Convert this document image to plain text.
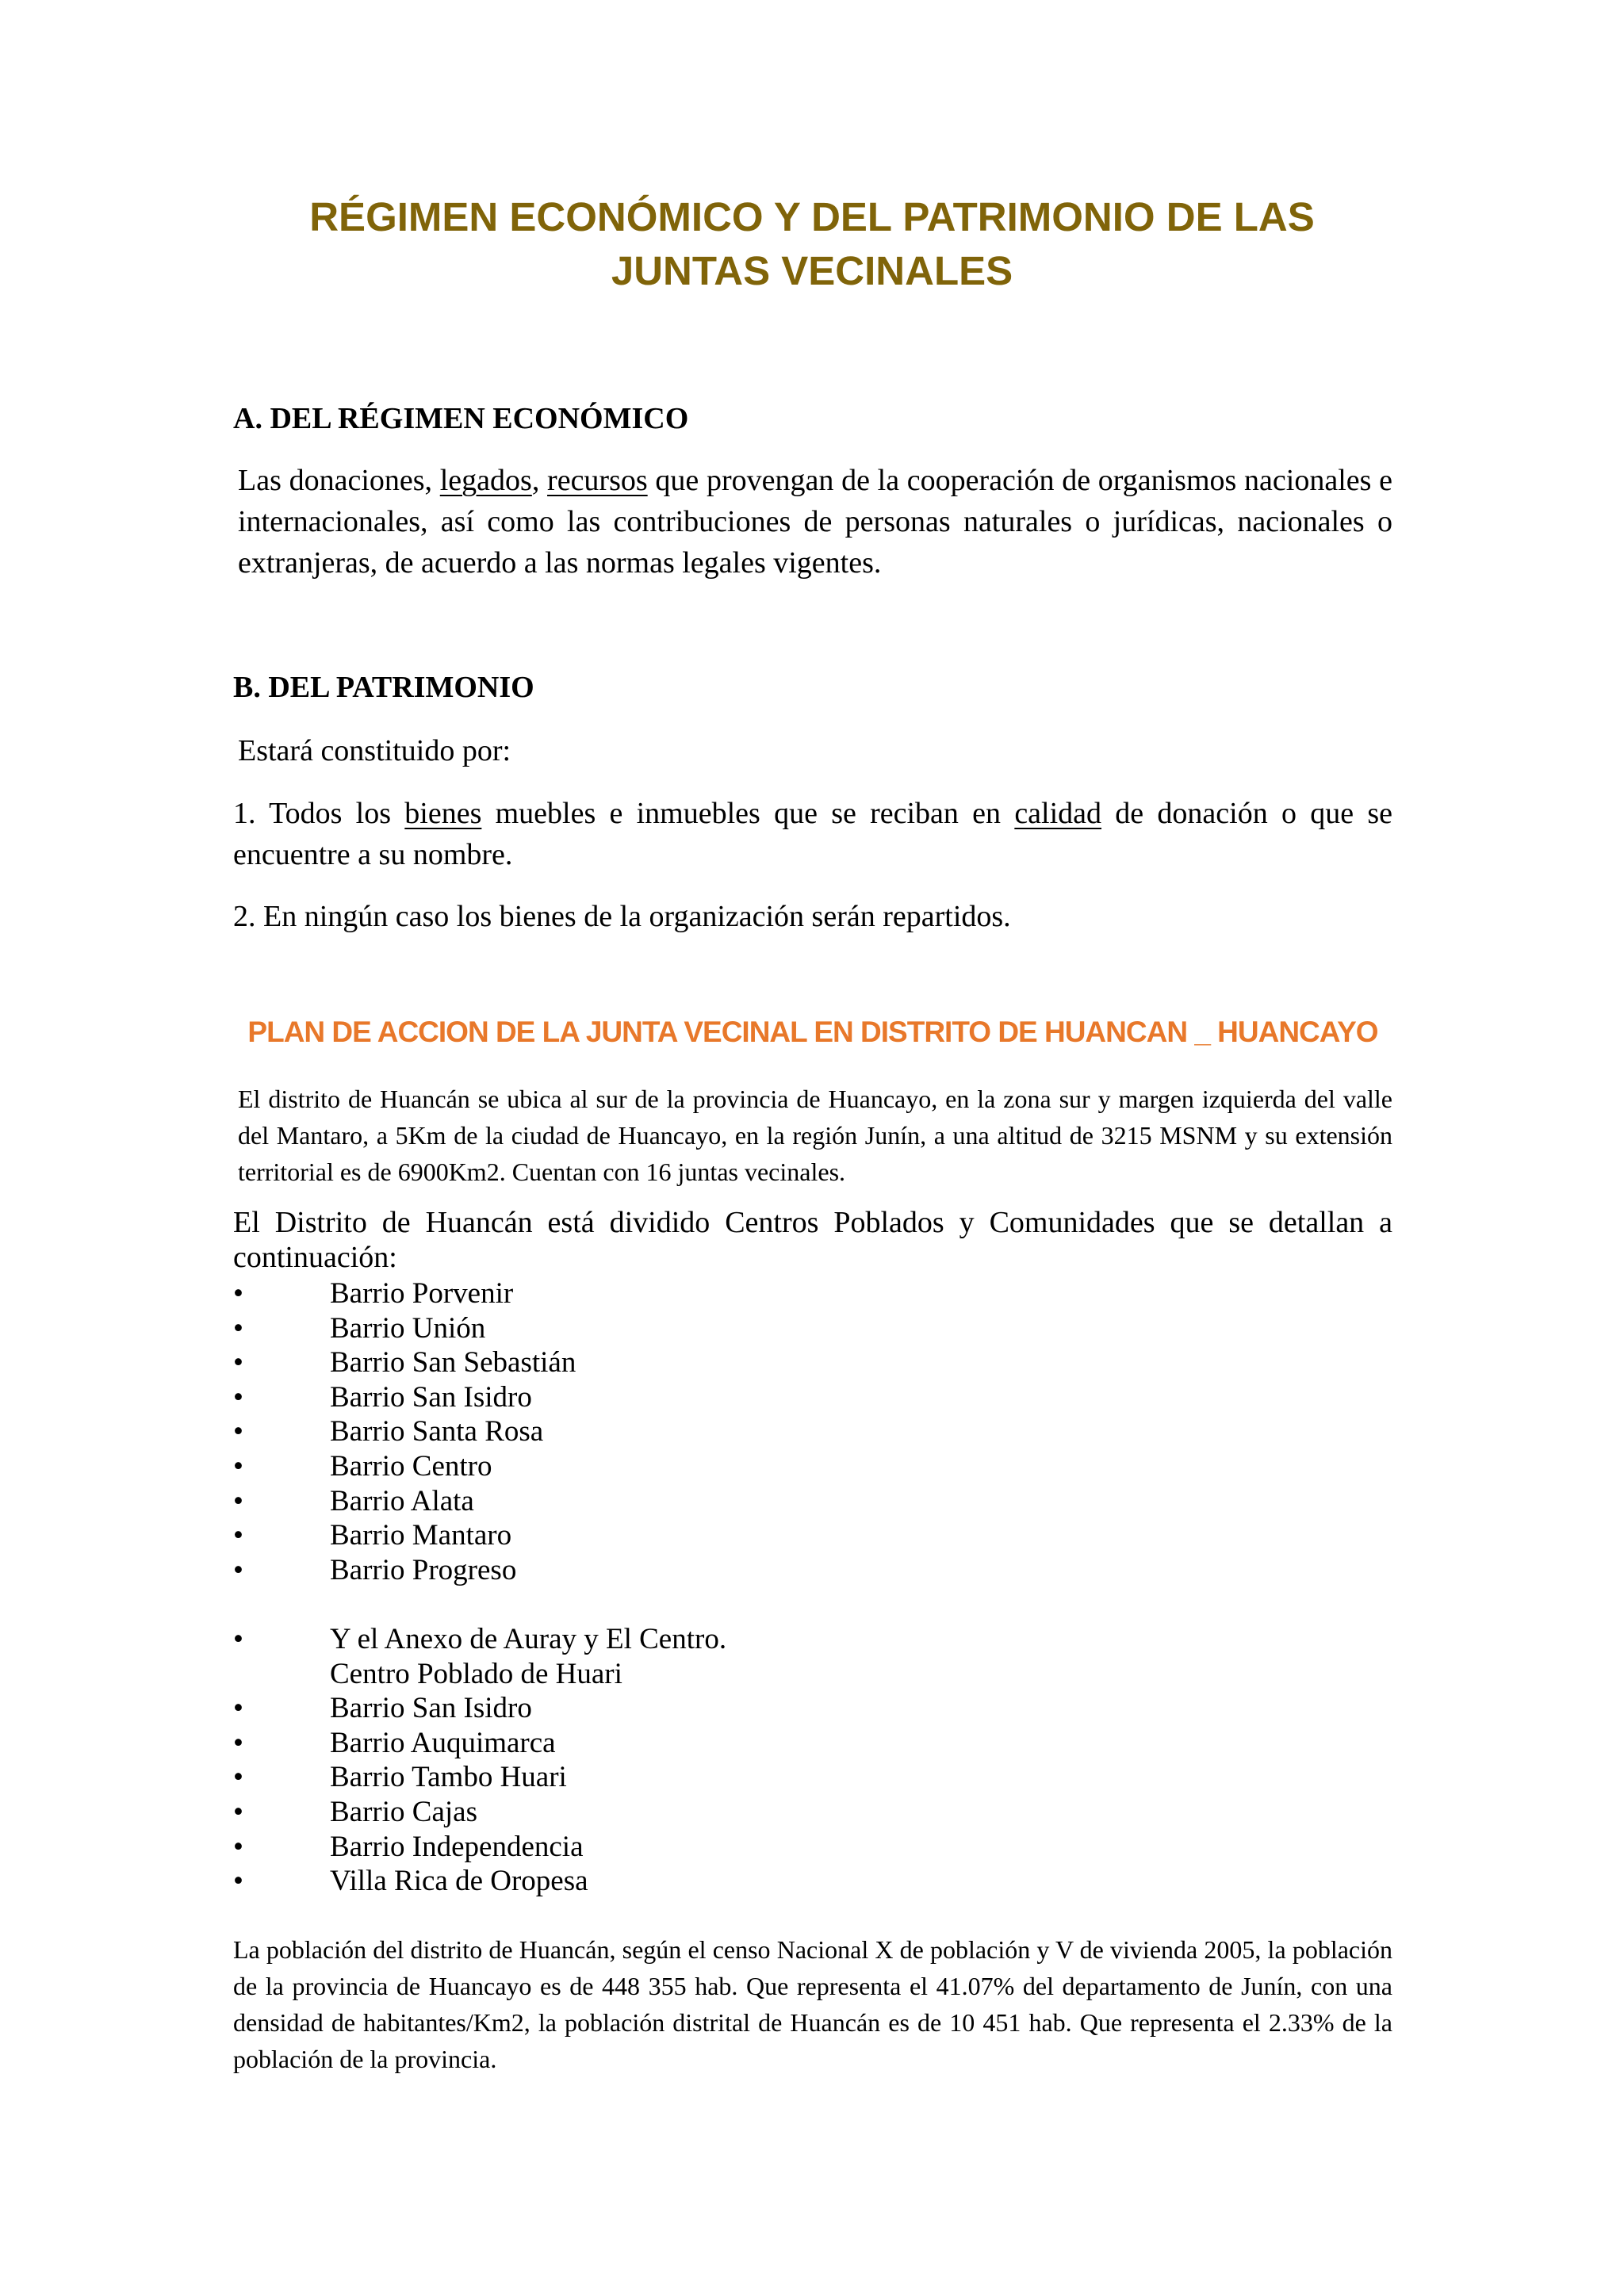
RÉGIMEN ECONÓMICO Y DEL PATRIMONIO DE LAS
JUNTAS VECINALES
A. DEL RÉGIMEN ECONÓMICO

Las donaciones, legados, recursos que provengan de la cooperación de organismos nacionales e internacionales, así como las contribuciones de personas naturales o jurídicas, nacionales o extranjeras, de acuerdo a las normas legales vigentes.

B. DEL PATRIMONIO

Estará constituido por:

1. Todos los bienes muebles e inmuebles que se reciban en calidad de donación o que se encuentre a su nombre.

2. En ningún caso los bienes de la organización serán repartidos.

PLAN DE ACCION DE LA JUNTA VECINAL EN DISTRITO DE HUANCAN _ HUANCAYO

El distrito de Huancán se ubica al sur de la provincia de Huancayo, en la zona sur y margen izquierda del valle del Mantaro, a 5Km de la ciudad de Huancayo, en la región Junín, a una altitud de 3215 MSNM y su extensión territorial es de 6900Km2. Cuentan con 16 juntas vecinales.

El Distrito de Huancán está dividido Centros Poblados y Comunidades que se detallan a continuación:

•	Barrio Porvenir
•	Barrio Unión
•	Barrio San Sebastián
•	Barrio San Isidro
•	Barrio Santa Rosa
•	Barrio Centro
•	Barrio Alata
•	Barrio Mantaro
•	Barrio Progreso
•	Y el Anexo de Auray y El Centro.
Centro Poblado de Huari
•	Barrio San Isidro
•	Barrio Auquimarca
•	Barrio Tambo Huari
•	Barrio Cajas
•	Barrio Independencia
•	Villa Rica de Oropesa

La población del distrito de Huancán, según el censo Nacional X de población y V de vivienda 2005, la población de la provincia de Huancayo es de 448 355 hab. Que representa el 41.07% del departamento de Junín, con una densidad de habitantes/Km2, la población distrital de Huancán es de 10 451 hab. Que representa el 2.33% de la población de la provincia.
